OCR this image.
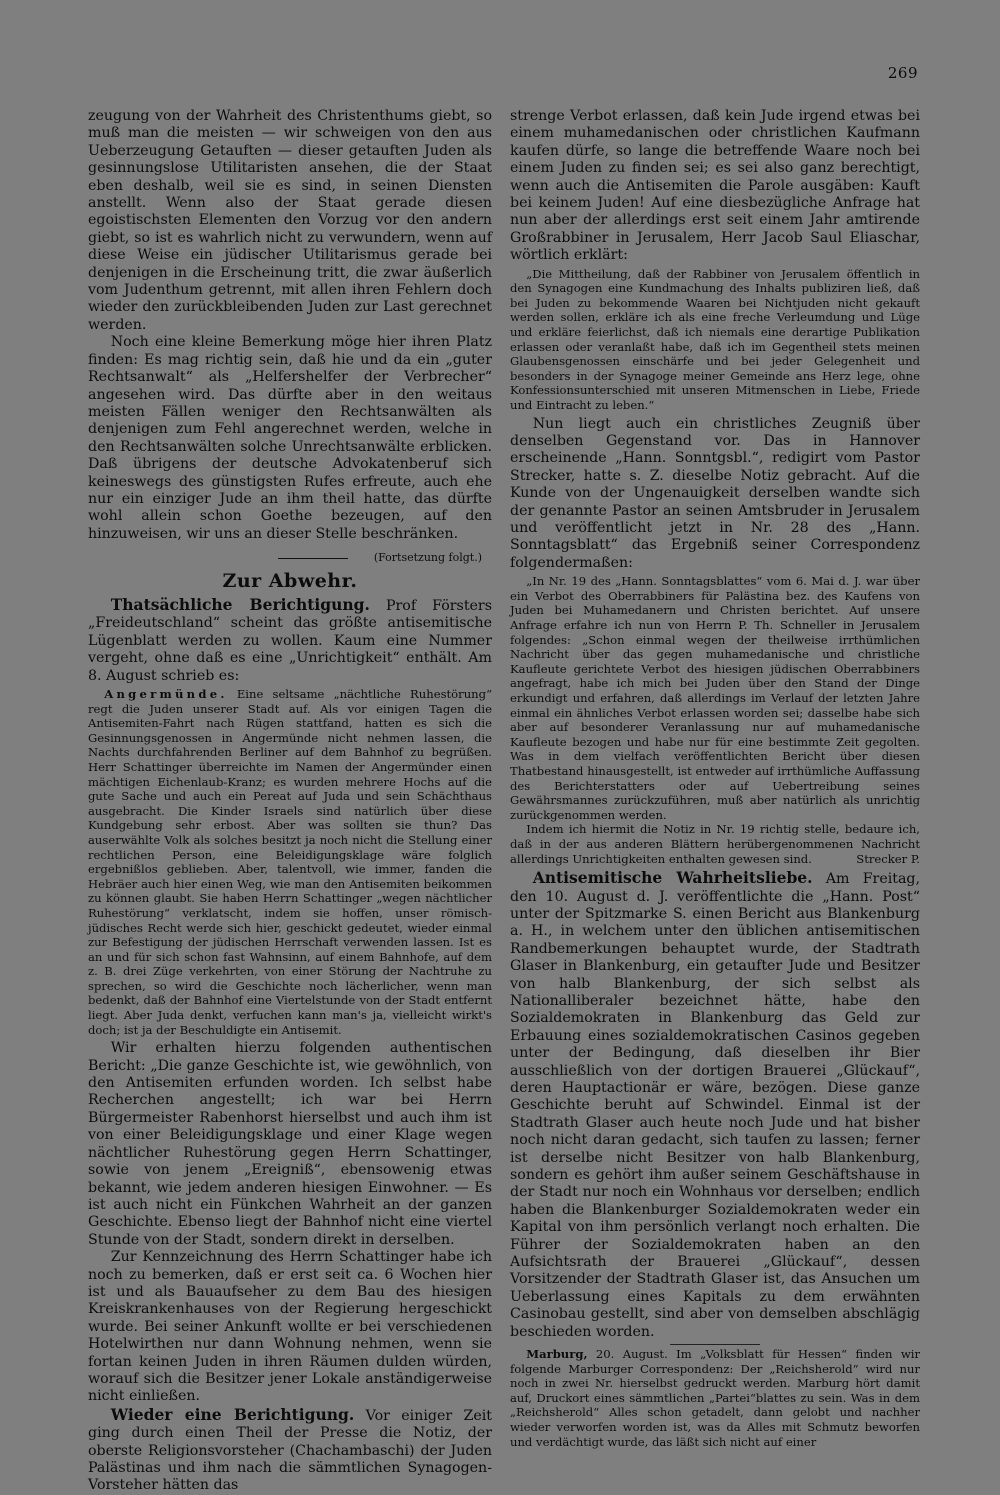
269

zeugung von der Wahrheit des Christenthums giebt, so muß man die meisten — wir schweigen von den aus Ueberzeugung Getauften — dieser getauften Juden als gesinnungslose Utilitaristen ansehen, die der Staat eben deshalb, weil sie es sind, in seinen Diensten anstellt. Wenn also der Staat gerade diesen egoistischsten Elementen den Vorzug vor den andern giebt, so ist es wahrlich nicht zu verwundern, wenn auf diese Weise ein jüdischer Utilitarismus gerade bei denjenigen in die Erscheinung tritt, die zwar äußerlich vom Judenthum getrennt, mit allen ihren Fehlern doch wieder den zurückbleibenden Juden zur Last gerechnet werden.

Noch eine kleine Bemerkung möge hier ihren Platz finden: Es mag richtig sein, daß hie und da ein „guter Rechtsanwalt“ als „Helfershelfer der Verbrecher“ angesehen wird. Das dürfte aber in den weitaus meisten Fällen weniger den Rechtsanwälten als denjenigen zum Fehl angerechnet werden, welche in den Rechtsanwälten solche Unrechtsanwälte erblicken. Daß übrigens der deutsche Advokatenberuf sich keineswegs des günstigsten Rufes erfreute, auch ehe nur ein einziger Jude an ihm theil hatte, das dürfte wohl allein schon Goethe bezeugen, auf den hinzuweisen, wir uns an dieser Stelle beschränken.

(Fortsetzung folgt.)
Zur Abwehr.

Thatsächliche Berichtigung. Prof Försters „Freideutschland“ scheint das größte antisemitische Lügenblatt werden zu wollen. Kaum eine Nummer vergeht, ohne daß es eine „Unrichtigkeit“ enthält. Am 8. August schrieb es:

Angermünde. Eine seltsame „nächtliche Ruhestörung“ regt die Juden unserer Stadt auf. Als vor einigen Tagen die Antisemiten-Fahrt nach Rügen stattfand, hatten es sich die Gesinnungsgenossen in Angermünde nicht nehmen lassen, die Nachts durchfahrenden Berliner auf dem Bahnhof zu begrüßen. Herr Schattinger überreichte im Namen der Angermünder einen mächtigen Eichenlaub-Kranz; es wurden mehrere Hochs auf die gute Sache und auch ein Pereat auf Juda und sein Schächthaus ausgebracht. Die Kinder Israels sind natürlich über diese Kundgebung sehr erbost. Aber was sollten sie thun? Das auserwählte Volk als solches besitzt ja noch nicht die Stellung einer rechtlichen Person, eine Beleidigungsklage wäre folglich ergebnißlos geblieben. Aber, talentvoll, wie immer, fanden die Hebräer auch hier einen Weg, wie man den Antisemiten beikommen zu können glaubt. Sie haben Herrn Schattinger „wegen nächtlicher Ruhestörung“ verklatscht, indem sie hoffen, unser römisch-jüdisches Recht werde sich hier, geschickt gedeutet, wieder einmal zur Befestigung der jüdischen Herrschaft verwenden lassen. Ist es an und für sich schon fast Wahnsinn, auf einem Bahnhofe, auf dem z. B. drei Züge verkehrten, von einer Störung der Nachtruhe zu sprechen, so wird die Geschichte noch lächerlicher, wenn man bedenkt, daß der Bahnhof eine Viertelstunde von der Stadt entfernt liegt. Aber Juda denkt, verfuchen kann man's ja, vielleicht wirkt's doch; ist ja der Beschuldigte ein Antisemit.

Wir erhalten hierzu folgenden authentischen Bericht: „Die ganze Geschichte ist, wie gewöhnlich, von den Antisemiten erfunden worden. Ich selbst habe Recherchen angestellt; ich war bei Herrn Bürgermeister Rabenhorst hierselbst und auch ihm ist von einer Beleidigungsklage und einer Klage wegen nächtlicher Ruhestörung gegen Herrn Schattinger, sowie von jenem „Ereigniß“, ebensowenig etwas bekannt, wie jedem anderen hiesigen Einwohner. — Es ist auch nicht ein Fünkchen Wahrheit an der ganzen Geschichte. Ebenso liegt der Bahnhof nicht eine viertel Stunde von der Stadt, sondern direkt in derselben.

Zur Kennzeichnung des Herrn Schattinger habe ich noch zu bemerken, daß er erst seit ca. 6 Wochen hier ist und als Bauaufseher zu dem Bau des hiesigen Kreiskrankenhauses von der Regierung hergeschickt wurde. Bei seiner Ankunft wollte er bei verschiedenen Hotelwirthen nur dann Wohnung nehmen, wenn sie fortan keinen Juden in ihren Räumen dulden würden, worauf sich die Besitzer jener Lokale anständigerweise nicht einließen.

Wieder eine Berichtigung. Vor einiger Zeit ging durch einen Theil der Presse die Notiz, der oberste Religionsvorsteher (Chachambaschi) der Juden Palästinas und ihm nach die sämmtlichen Synagogen-Vorsteher hätten das

strenge Verbot erlassen, daß kein Jude irgend etwas bei einem muhamedanischen oder christlichen Kaufmann kaufen dürfe, so lange die betreffende Waare noch bei einem Juden zu finden sei; es sei also ganz berechtigt, wenn auch die Antisemiten die Parole ausgäben: Kauft bei keinem Juden! Auf eine diesbezügliche Anfrage hat nun aber der allerdings erst seit einem Jahr amtirende Großrabbiner in Jerusalem, Herr Jacob Saul Eliaschar, wörtlich erklärt:

„Die Mittheilung, daß der Rabbiner von Jerusalem öffentlich in den Synagogen eine Kundmachung des Inhalts publiziren ließ, daß bei Juden zu bekommende Waaren bei Nichtjuden nicht gekauft werden sollen, erkläre ich als eine freche Verleumdung und Lüge und erkläre feierlichst, daß ich niemals eine derartige Publikation erlassen oder veranlaßt habe, daß ich im Gegentheil stets meinen Glaubensgenossen einschärfe und bei jeder Gelegenheit und besonders in der Synagoge meiner Gemeinde ans Herz lege, ohne Konfessionsunterschied mit unseren Mitmenschen in Liebe, Friede und Eintracht zu leben.“

Nun liegt auch ein christliches Zeugniß über denselben Gegenstand vor. Das in Hannover erscheinende „Hann. Sonntgsbl.“, redigirt vom Pastor Strecker, hatte s. Z. dieselbe Notiz gebracht. Auf die Kunde von der Ungenauigkeit derselben wandte sich der genannte Pastor an seinen Amtsbruder in Jerusalem und veröffentlicht jetzt in Nr. 28 des „Hann. Sonntagsblatt“ das Ergebniß seiner Correspondenz folgendermaßen:

„In Nr. 19 des „Hann. Sonntagsblattes“ vom 6. Mai d. J. war über ein Verbot des Oberrabbiners für Palästina bez. des Kaufens von Juden bei Muhamedanern und Christen berichtet. Auf unsere Anfrage erfahre ich nun von Herrn P. Th. Schneller in Jerusalem folgendes: „Schon einmal wegen der theilweise irrthümlichen Nachricht über das gegen muhamedanische und christliche Kaufleute gerichtete Verbot des hiesigen jüdischen Oberrabbiners angefragt, habe ich mich bei Juden über den Stand der Dinge erkundigt und erfahren, daß allerdings im Verlauf der letzten Jahre einmal ein ähnliches Verbot erlassen worden sei; dasselbe habe sich aber auf besonderer Veranlassung nur auf muhamedanische Kaufleute bezogen und habe nur für eine bestimmte Zeit gegolten. Was in dem vielfach veröffentlichten Bericht über diesen Thatbestand hinausgestellt, ist entweder auf irrthümliche Auffassung des Berichterstatters oder auf Uebertreibung seines Gewährsmannes zurückzuführen, muß aber natürlich als unrichtig zurückgenommen werden.

Indem ich hiermit die Notiz in Nr. 19 richtig stelle, bedaure ich, daß in der aus anderen Blättern herübergenommenen Nachricht allerdings Unrichtigkeiten enthalten gewesen sind.	Strecker P.

Antisemitische Wahrheitsliebe. Am Freitag, den 10. August d. J. veröffentlichte die „Hann. Post“ unter der Spitzmarke S. einen Bericht aus Blankenburg a. H., in welchem unter den üblichen antisemitischen Randbemerkungen behauptet wurde, der Stadtrath Glaser in Blankenburg, ein getaufter Jude und Besitzer von halb Blankenburg, der sich selbst als Nationalliberaler bezeichnet hätte, habe den Sozialdemokraten in Blankenburg das Geld zur Erbauung eines sozialdemokratischen Casinos gegeben unter der Bedingung, daß dieselben ihr Bier ausschließlich von der dortigen Brauerei „Glückauf“, deren Hauptactionär er wäre, bezögen. Diese ganze Geschichte beruht auf Schwindel. Einmal ist der Stadtrath Glaser auch heute noch Jude und hat bisher noch nicht daran gedacht, sich taufen zu lassen; ferner ist derselbe nicht Besitzer von halb Blankenburg, sondern es gehört ihm außer seinem Geschäftshause in der Stadt nur noch ein Wohnhaus vor derselben; endlich haben die Blankenburger Sozialdemokraten weder ein Kapital von ihm persönlich verlangt noch erhalten. Die Führer der Sozialdemokraten haben an den Aufsichtsrath der Brauerei „Glückauf“, dessen Vorsitzender der Stadtrath Glaser ist, das Ansuchen um Ueberlassung eines Kapitals zu dem erwähnten Casinobau gestellt, sind aber von demselben abschlägig beschieden worden.

Marburg, 20. August. Im „Volksblatt für Hessen“ finden wir folgende Marburger Correspondenz: Der „Reichsherold“ wird nur noch in zwei Nr. hierselbst gedruckt werden. Marburg hört damit auf, Druckort eines sämmtlichen „Partei“blattes zu sein. Was in dem „Reichsherold“ Alles schon getadelt, dann gelobt und nachher wieder verworfen worden ist, was da Alles mit Schmutz beworfen und verdächtigt wurde, das läßt sich nicht auf einer
